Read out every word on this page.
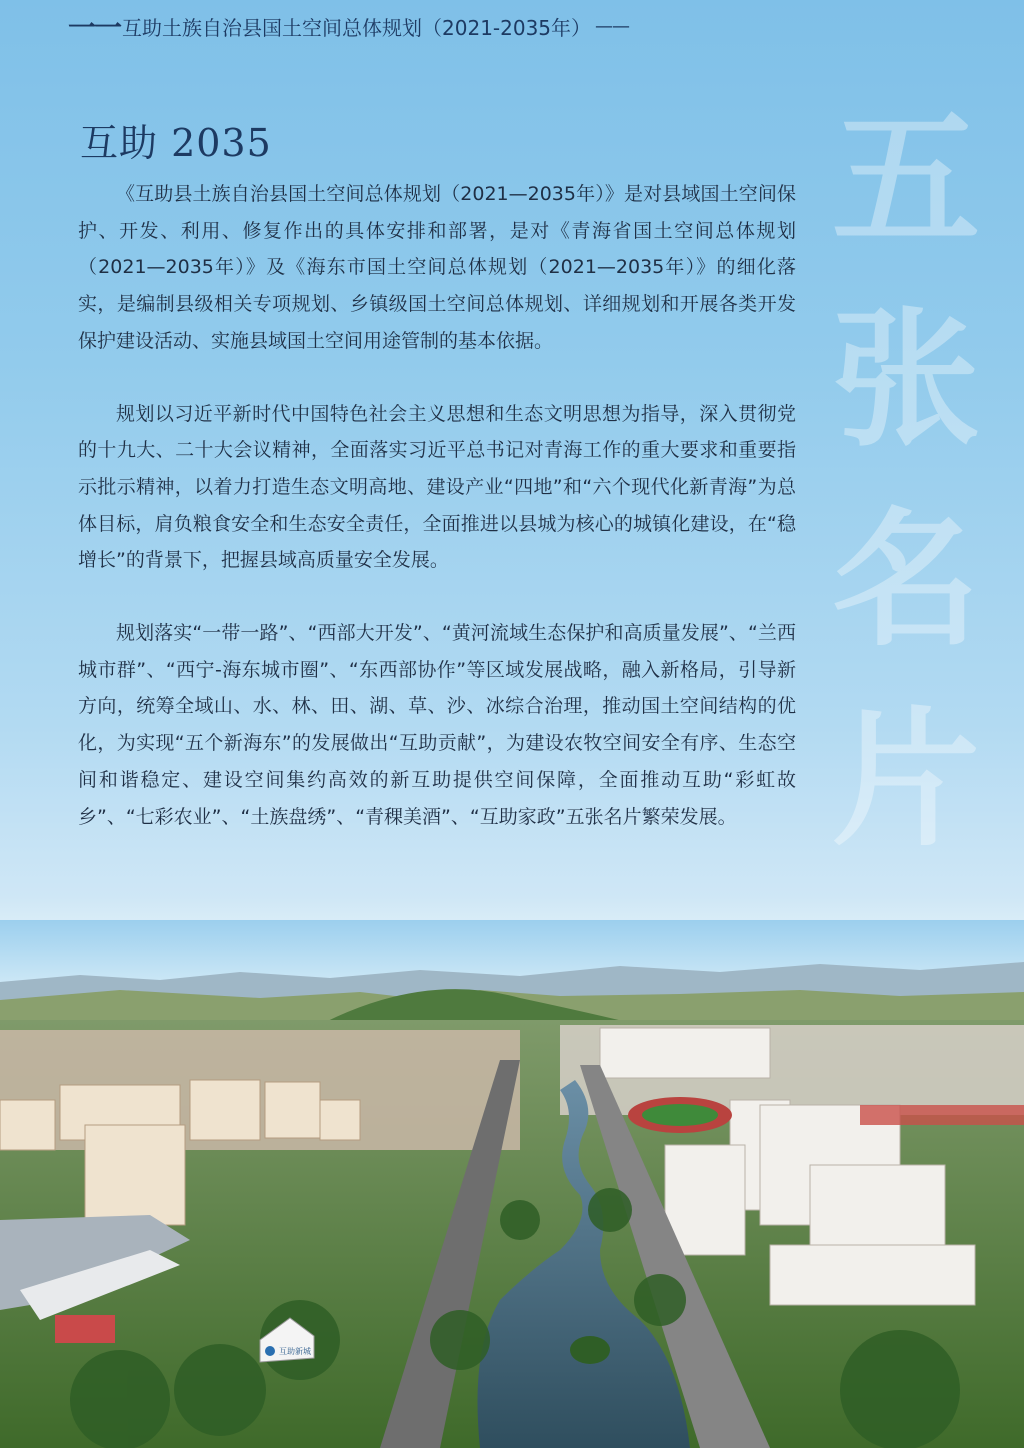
一一 互助土族自治县国土空间总体规划（2021-2035年） ——
五
张
名
片
互助 2035

《互助县土族自治县国土空间总体规划（2021—2035年）》是对县域国土空间保护、开发、利用、修复作出的具体安排和部署，是对《青海省国土空间总体规划（2021—2035年）》及《海东市国土空间总体规划（2021—2035年）》的细化落实，是编制县级相关专项规划、乡镇级国土空间总体规划、详细规划和开展各类开发保护建设活动、实施县域国土空间用途管制的基本依据。

规划以习近平新时代中国特色社会主义思想和生态文明思想为指导，深入贯彻党的十九大、二十大会议精神，全面落实习近平总书记对青海工作的重大要求和重要指示批示精神，以着力打造生态文明高地、建设产业“四地”和“六个现代化新青海”为总体目标，肩负粮食安全和生态安全责任，全面推进以县城为核心的城镇化建设，在“稳增长”的背景下，把握县域高质量安全发展。

规划落实“一带一路”、“西部大开发”、“黄河流域生态保护和高质量发展”、“兰西城市群”、“西宁-海东城市圈”、“东西部协作”等区域发展战略，融入新格局，引导新方向，统筹全域山、水、林、田、湖、草、沙、冰综合治理，推动国土空间结构的优化，为实现“五个新海东”的发展做出“互助贡献”，为建设农牧空间安全有序、生态空间和谐稳定、建设空间集约高效的新互助提供空间保障，全面推动互助“彩虹故乡”、“七彩农业”、“土族盘绣”、“青稞美酒”、“互助家政”五张名片繁荣发展。

互助新城
